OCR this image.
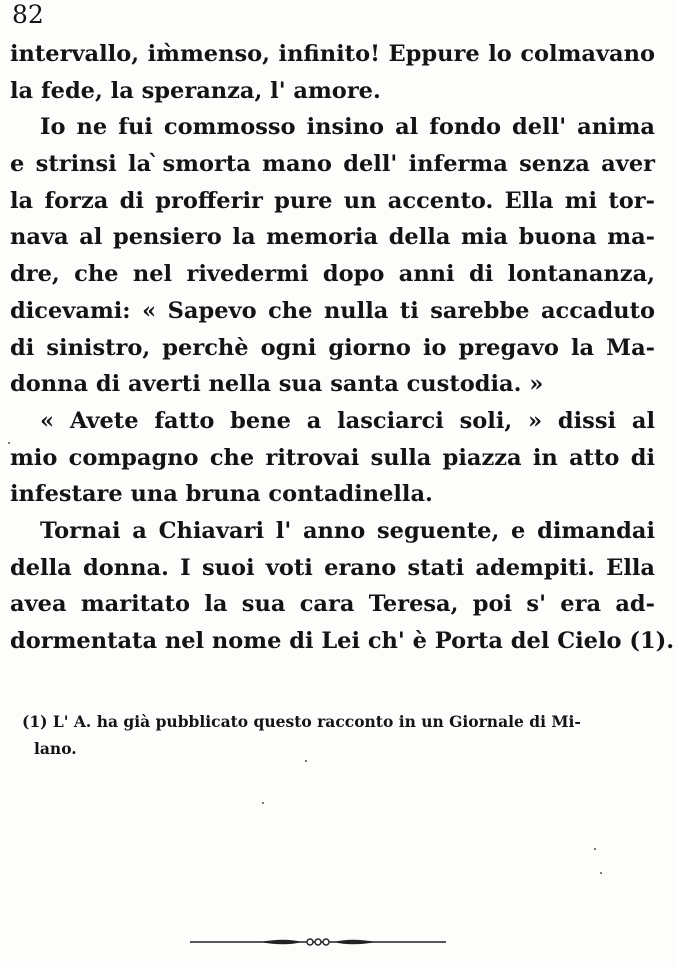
82
intervallo, im̀menso, infinito! Eppure lo colmavano
la fede, la speranza, l' amore.
Io ne fui commosso insino al fondo dell' anima
e strinsi la ̀smorta mano dell' inferma senza aver
la forza di profferir pure un accento. Ella mi tor-
nava al pensiero la memoria della mia buona ma-
dre, che nel rivedermi dopo anni di lontananza,
dicevami: « Sapevo che nulla ti sarebbe accaduto
di sinistro, perchè ogni giorno io pregavo la Ma-
donna di averti nella sua santa custodia. »
« Avete fatto bene a lasciarci soli, » dissi al
mio compagno che ritrovai sulla piazza in atto di
infestare una bruna contadinella.
Tornai a Chiavari l' anno seguente, e dimandai
della donna. I suoi voti erano stati adempiti. Ella
avea maritato la sua cara Teresa, poi s' era ad-
dormentata nel nome di Lei ch' è Porta del Cielo (1).
(1) L' A. ha già pubblicato questo racconto in un Giornale di Mi-
lano.
